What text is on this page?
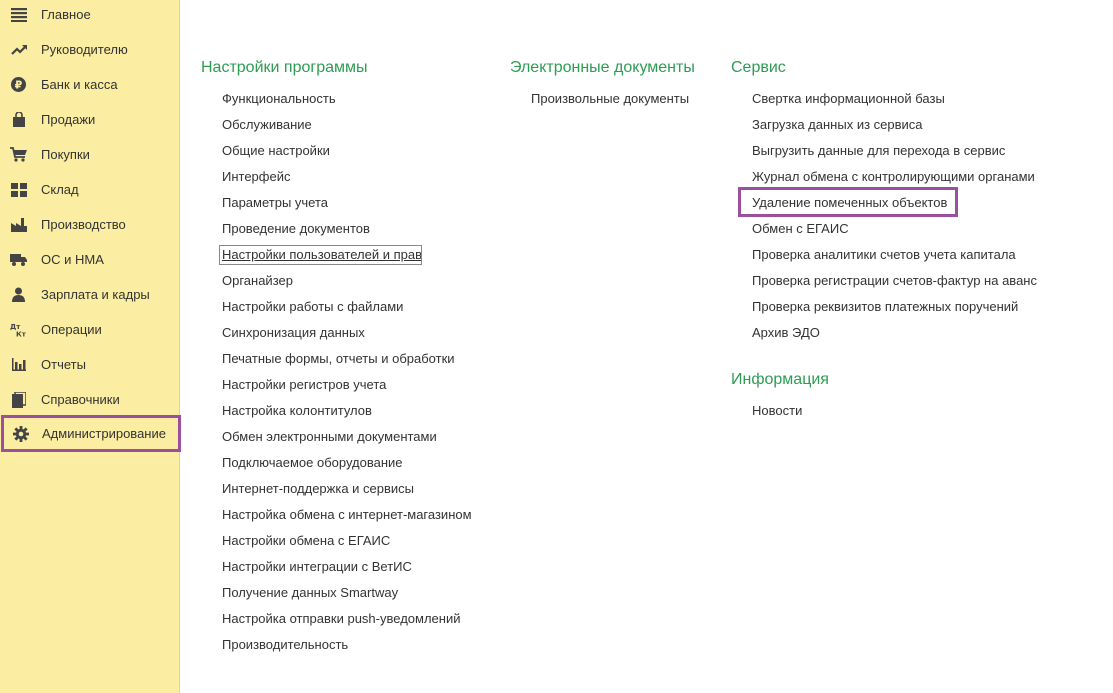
Главное
Руководителю
₽ Банк и касса
Продажи
Покупки
Склад
Производство
ОС и НМА
Зарплата и кадры
Дт
Кт Операции
Отчеты
Справочники
Администрирование
Настройки программы
Функциональность
Обслуживание
Общие настройки
Интерфейс
Параметры учета
Проведение документов
Настройки пользователей и прав
Органайзер
Настройки работы с файлами
Синхронизация данных
Печатные формы, отчеты и обработки
Настройки регистров учета
Настройка колонтитулов
Обмен электронными документами
Подключаемое оборудование
Интернет-поддержка и сервисы
Настройка обмена с интернет-магазином
Настройки обмена с ЕГАИС
Настройки интеграции с ВетИС
Получение данных Smartway
Настройка отправки push-уведомлений
Производительность
Электронные документы
Произвольные документы
Сервис
Свертка информационной базы
Загрузка данных из сервиса
Выгрузить данные для перехода в сервис
Журнал обмена с контролирующими органами
Удаление помеченных объектов
Обмен с ЕГАИС
Проверка аналитики счетов учета капитала
Проверка регистрации счетов-фактур на аванс
Проверка реквизитов платежных поручений
Архив ЭДО
Информация
Новости
